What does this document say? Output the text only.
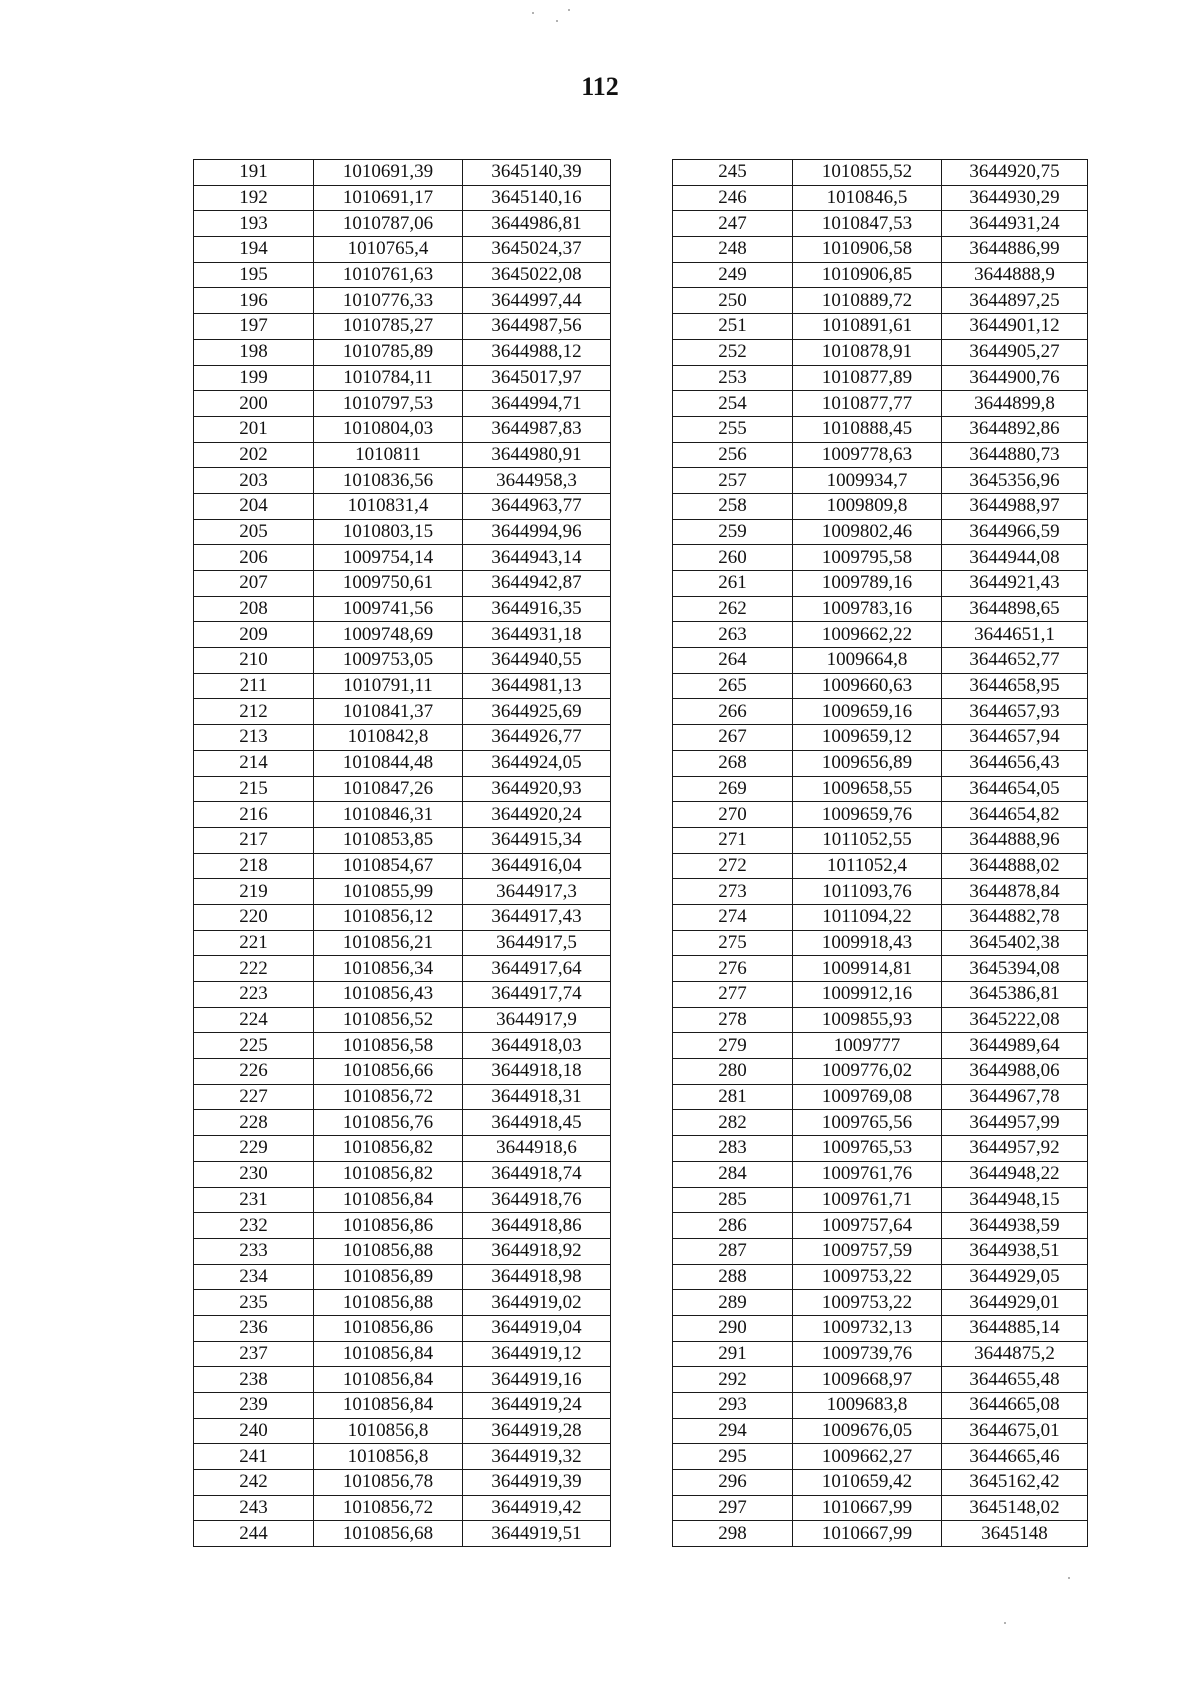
112
191	1010691,39	3645140,39
192	1010691,17	3645140,16
193	1010787,06	3644986,81
194	1010765,4	3645024,37
195	1010761,63	3645022,08
196	1010776,33	3644997,44
197	1010785,27	3644987,56
198	1010785,89	3644988,12
199	1010784,11	3645017,97
200	1010797,53	3644994,71
201	1010804,03	3644987,83
202	1010811	3644980,91
203	1010836,56	3644958,3
204	1010831,4	3644963,77
205	1010803,15	3644994,96
206	1009754,14	3644943,14
207	1009750,61	3644942,87
208	1009741,56	3644916,35
209	1009748,69	3644931,18
210	1009753,05	3644940,55
211	1010791,11	3644981,13
212	1010841,37	3644925,69
213	1010842,8	3644926,77
214	1010844,48	3644924,05
215	1010847,26	3644920,93
216	1010846,31	3644920,24
217	1010853,85	3644915,34
218	1010854,67	3644916,04
219	1010855,99	3644917,3
220	1010856,12	3644917,43
221	1010856,21	3644917,5
222	1010856,34	3644917,64
223	1010856,43	3644917,74
224	1010856,52	3644917,9
225	1010856,58	3644918,03
226	1010856,66	3644918,18
227	1010856,72	3644918,31
228	1010856,76	3644918,45
229	1010856,82	3644918,6
230	1010856,82	3644918,74
231	1010856,84	3644918,76
232	1010856,86	3644918,86
233	1010856,88	3644918,92
234	1010856,89	3644918,98
235	1010856,88	3644919,02
236	1010856,86	3644919,04
237	1010856,84	3644919,12
238	1010856,84	3644919,16
239	1010856,84	3644919,24
240	1010856,8	3644919,28
241	1010856,8	3644919,32
242	1010856,78	3644919,39
243	1010856,72	3644919,42
244	1010856,68	3644919,51
245	1010855,52	3644920,75
246	1010846,5	3644930,29
247	1010847,53	3644931,24
248	1010906,58	3644886,99
249	1010906,85	3644888,9
250	1010889,72	3644897,25
251	1010891,61	3644901,12
252	1010878,91	3644905,27
253	1010877,89	3644900,76
254	1010877,77	3644899,8
255	1010888,45	3644892,86
256	1009778,63	3644880,73
257	1009934,7	3645356,96
258	1009809,8	3644988,97
259	1009802,46	3644966,59
260	1009795,58	3644944,08
261	1009789,16	3644921,43
262	1009783,16	3644898,65
263	1009662,22	3644651,1
264	1009664,8	3644652,77
265	1009660,63	3644658,95
266	1009659,16	3644657,93
267	1009659,12	3644657,94
268	1009656,89	3644656,43
269	1009658,55	3644654,05
270	1009659,76	3644654,82
271	1011052,55	3644888,96
272	1011052,4	3644888,02
273	1011093,76	3644878,84
274	1011094,22	3644882,78
275	1009918,43	3645402,38
276	1009914,81	3645394,08
277	1009912,16	3645386,81
278	1009855,93	3645222,08
279	1009777	3644989,64
280	1009776,02	3644988,06
281	1009769,08	3644967,78
282	1009765,56	3644957,99
283	1009765,53	3644957,92
284	1009761,76	3644948,22
285	1009761,71	3644948,15
286	1009757,64	3644938,59
287	1009757,59	3644938,51
288	1009753,22	3644929,05
289	1009753,22	3644929,01
290	1009732,13	3644885,14
291	1009739,76	3644875,2
292	1009668,97	3644655,48
293	1009683,8	3644665,08
294	1009676,05	3644675,01
295	1009662,27	3644665,46
296	1010659,42	3645162,42
297	1010667,99	3645148,02
298	1010667,99	3645148
